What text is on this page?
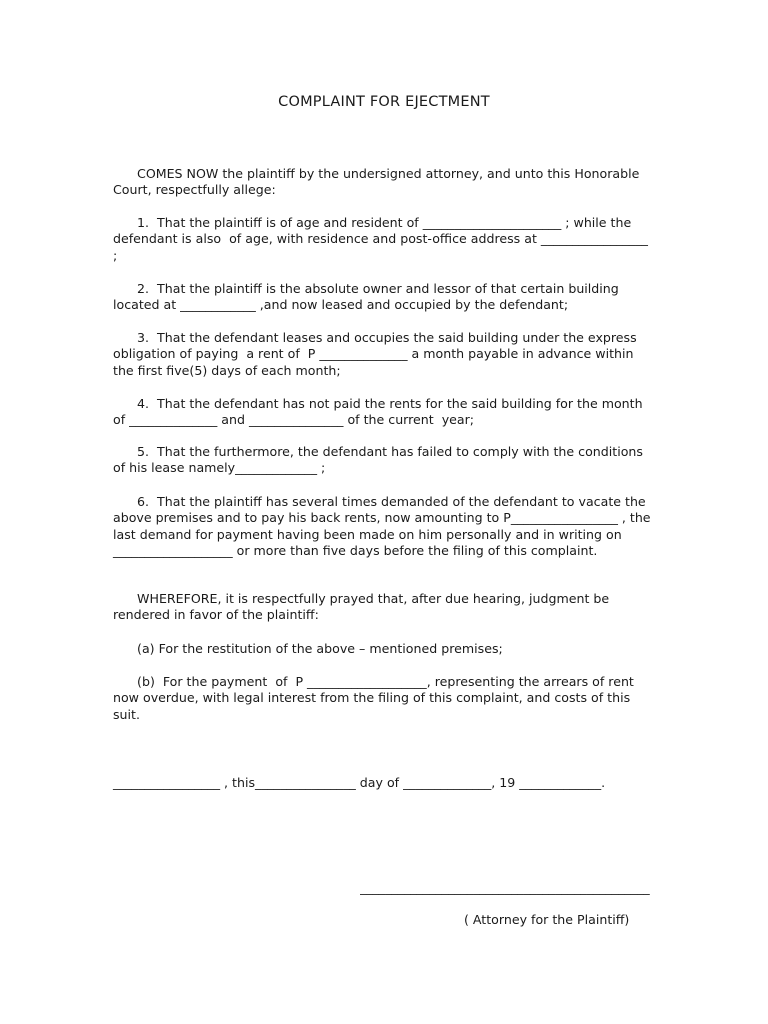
COMPLAINT FOR EJECTMENT

COMES NOW the plaintiff by the undersigned attorney, and unto this Honorable Court, respectfully allege:

1.  That the plaintiff is of age and resident of ______________________ ; while the defendant is also  of age, with residence and post-office address at _________________ ;

2.  That the plaintiff is the absolute owner and lessor of that certain building located at ____________ ,and now leased and occupied by the defendant;

3.  That the defendant leases and occupies the said building under the express obligation of paying  a rent of  P ______________ a month payable in advance within the first five(5) days of each month;

4.  That the defendant has not paid the rents for the said building for the month of ______________ and _______________ of the current  year;

5.  That the furthermore, the defendant has failed to comply with the conditions of his lease namely_____________ ;

6.  That the plaintiff has several times demanded of the defendant to vacate the above premises and to pay his back rents, now amounting to P_________________ , the last demand for payment having been made on him personally and in writing on ___________________ or more than five days before the filing of this complaint.

WHEREFORE, it is respectfully prayed that, after due hearing, judgment be rendered in favor of the plaintiff:

(a) For the restitution of the above – mentioned premises;

(b)  For the payment  of  P ___________________, representing the arrears of rent now overdue, with legal interest from the filing of this complaint, and costs of this suit.

_________________ , this________________ day of ______________, 19 _____________.

______________________________________________
( Attorney for the Plaintiff)
